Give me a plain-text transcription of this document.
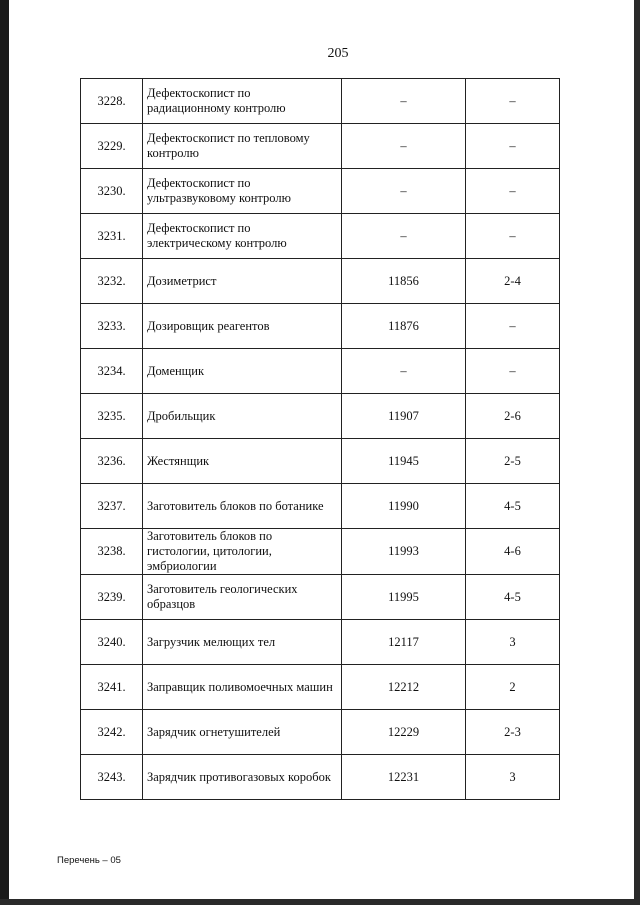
205
3228.	Дефектоскопист по радиационному контролю	–	–
3229.	Дефектоскопист по тепловому контролю	–	–
3230.	Дефектоскопист по ультразвуковому контролю	–	–
3231.	Дефектоскопист по электрическому контролю	–	–
3232.	Дозиметрист	11856	2-4
3233.	Дозировщик реагентов	11876	–
3234.	Доменщик	–	–
3235.	Дробильщик	11907	2-6
3236.	Жестянщик	11945	2-5
3237.	Заготовитель блоков по ботанике	11990	4-5
3238.	Заготовитель блоков по гистологии, цитологии, эмбриологии	11993	4-6
3239.	Заготовитель геологических образцов	11995	4-5
3240.	Загрузчик мелющих тел	12117	3
3241.	Заправщик поливомоечных машин	12212	2
3242.	Зарядчик огнетушителей	12229	2-3
3243.	Зарядчик противогазовых коробок	12231	3
Перечень – 05
